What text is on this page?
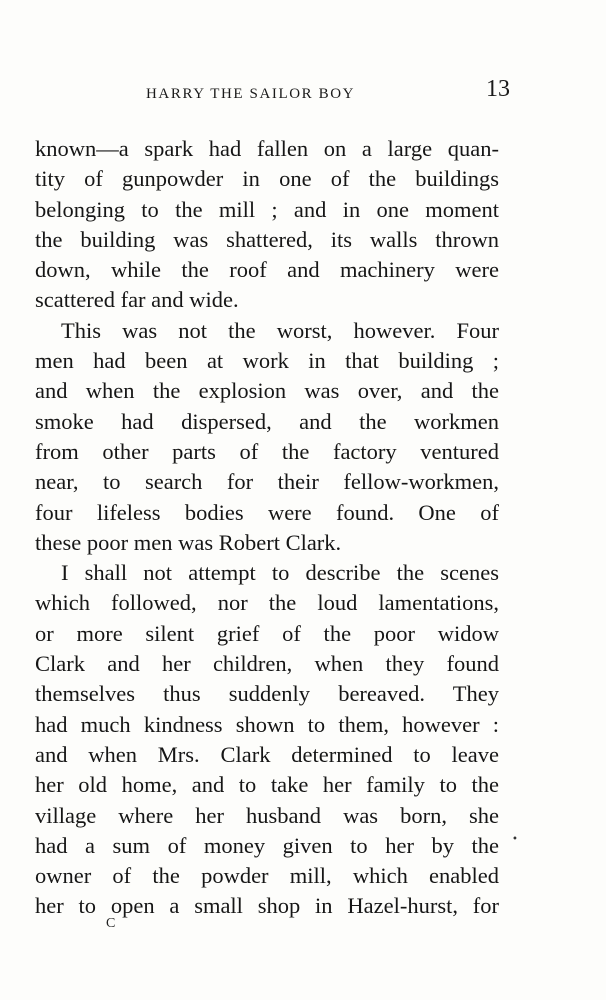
HARRY THE SAILOR BOY	13
known—a spark had fallen on a large quan-
tity of gunpowder in one of the buildings
belonging to the mill ; and in one moment
the building was shattered, its walls thrown
down, while the roof and machinery were
scattered far and wide.
This was not the worst, however. Four
men had been at work in that building ;
and when the explosion was over, and the
smoke had dispersed, and the workmen
from other parts of the factory ventured
near, to search for their fellow-workmen,
four lifeless bodies were found. One of
these poor men was Robert Clark.
I shall not attempt to describe the scenes
which followed, nor the loud lamentations,
or more silent grief of the poor widow
Clark and her children, when they found
themselves thus suddenly bereaved. They
had much kindness shown to them, however :
and when Mrs. Clark determined to leave
her old home, and to take her family to the
village where her husband was born, she
had a sum of money given to her by the
owner of the powder mill, which enabled
her to open a small shop in Hazel-hurst, for
C
•
